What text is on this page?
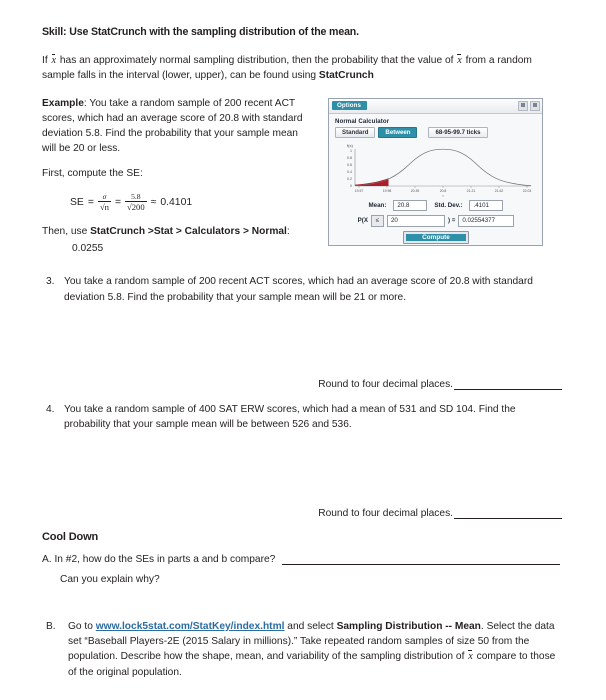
Skill: Use StatCrunch with the sampling distribution of the mean.
If x has an approximately normal sampling distribution, then the probability that the value of x from a random sample falls in the interval (lower, upper), can be found using StatCrunch

Example: You take a random sample of 200 recent ACT scores, which had an average score of 20.8 with standard deviation 5.8. Find the probability that your sample mean will be 20 or less.

First, compute the SE:

SE = $\frac{\sigma}{√n} = \frac{5.8}{√200} \approx 0.4101$

Then, use StatCrunch >Stat > Calculators > Normal:

0.0255

Options
Normal Calculator
Standard	Between	68-95-99.7 ticks
f(x)
1
0.8
0.6
0.4
0.2
0
19.57	19.98	20.39	20.8	21.21	21.62	22.03
x
Mean:	20.8	Std. Dev.:	.4101
P(X	≤	20	) =	0.02554377
Compute
3. You take a random sample of 200 recent ACT scores, which had an average score of 20.8 with standard deviation 5.8. Find the probability that your sample mean will be 21 or more.
Round to four decimal places.
4. You take a random sample of 400 SAT ERW scores, which had a mean of 531 and SD 104. Find the probability that your sample mean will be between 526 and 536.
Round to four decimal places.
Cool Down
A. In #2, how do the SEs in parts a and b compare?
Can you explain why?
B.	Go to www.lock5stat.com/StatKey/index.html and select Sampling Distribution -- Mean. Select the data set “Baseball Players-2E (2015 Salary in millions).” Take repeated random samples of size 50 from the population. Describe how the shape, mean, and variability of the sampling distribution of x compare to those of the original population.
